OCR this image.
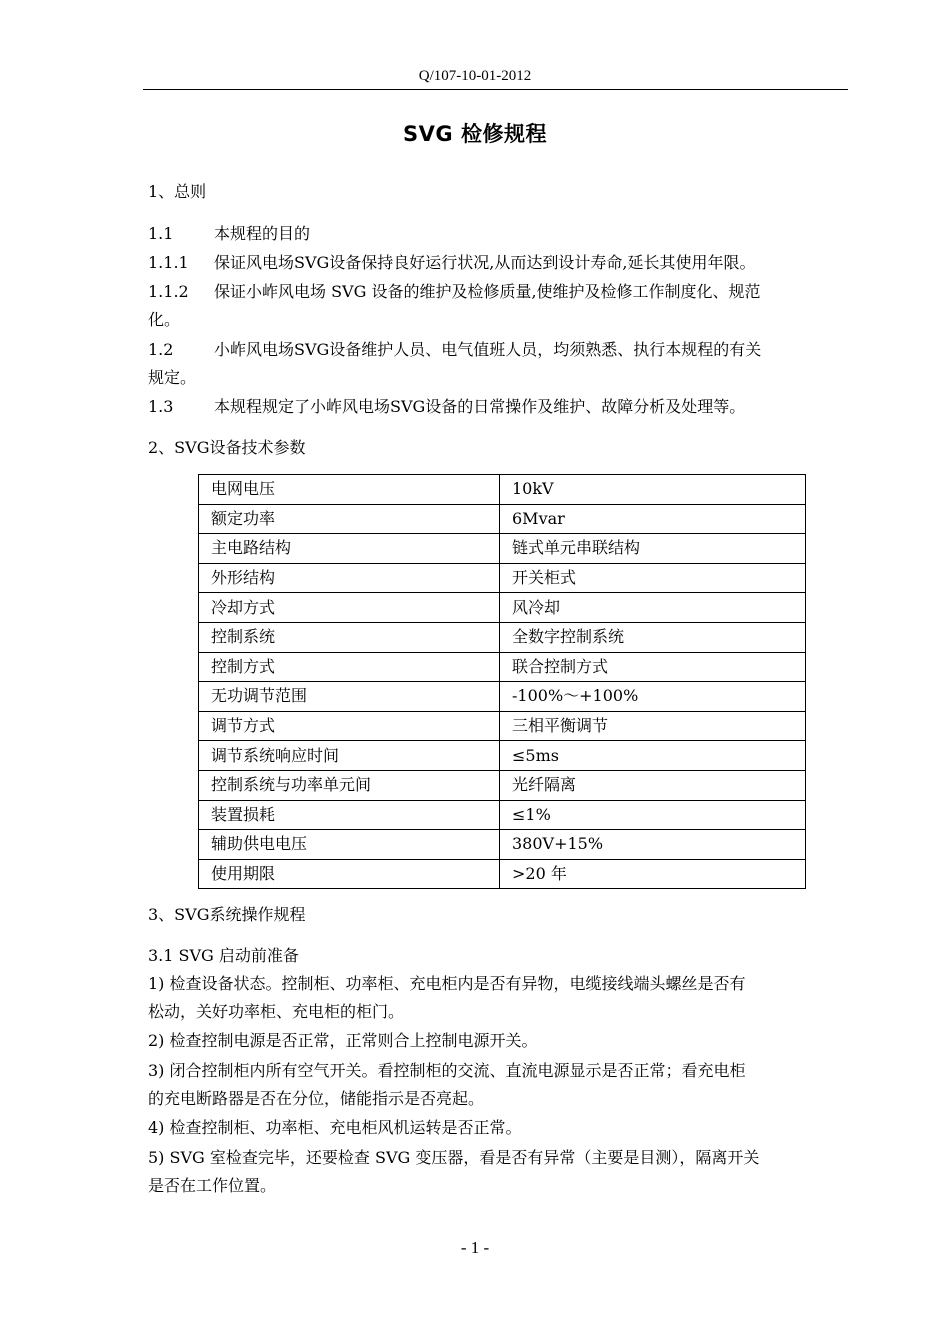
Q/107-10-01-2012
SVG 检修规程
1、总则
1.1	本规程的目的
1.1.1 保证风电场SVG设备保持良好运行状况,从而达到设计寿命,延长其使用年限。
1.1.2 保证小岞风电场 SVG 设备的维护及检修质量,使维护及检修工作制度化、规范
化。
1.2	小岞风电场SVG设备维护人员、电气值班人员，均须熟悉、执行本规程的有关
规定。
1.3	本规程规定了小岞风电场SVG设备的日常操作及维护、故障分析及处理等。
2、SVG设备技术参数
电网电压	10kV
额定功率	6Mvar
主电路结构	链式单元串联结构
外形结构	开关柜式
冷却方式	风冷却
控制系统	全数字控制系统
控制方式	联合控制方式
无功调节范围	-100%～+100%
调节方式	三相平衡调节
调节系统响应时间	≤5ms
控制系统与功率单元间	光纤隔离
装置损耗	≤1%
辅助供电电压	380V+15%
使用期限	>20 年
3、SVG系统操作规程
3.1 SVG 启动前准备
1) 检查设备状态。控制柜、功率柜、充电柜内是否有异物，电缆接线端头螺丝是否有
松动，关好功率柜、充电柜的柜门。
2) 检查控制电源是否正常，正常则合上控制电源开关。
3) 闭合控制柜内所有空气开关。看控制柜的交流、直流电源显示是否正常；看充电柜
的充电断路器是否在分位，储能指示是否亮起。
4) 检查控制柜、功率柜、充电柜风机运转是否正常。
5) SVG 室检查完毕，还要检查 SVG 变压器，看是否有异常（主要是目测），隔离开关
是否在工作位置。
- 1 -
